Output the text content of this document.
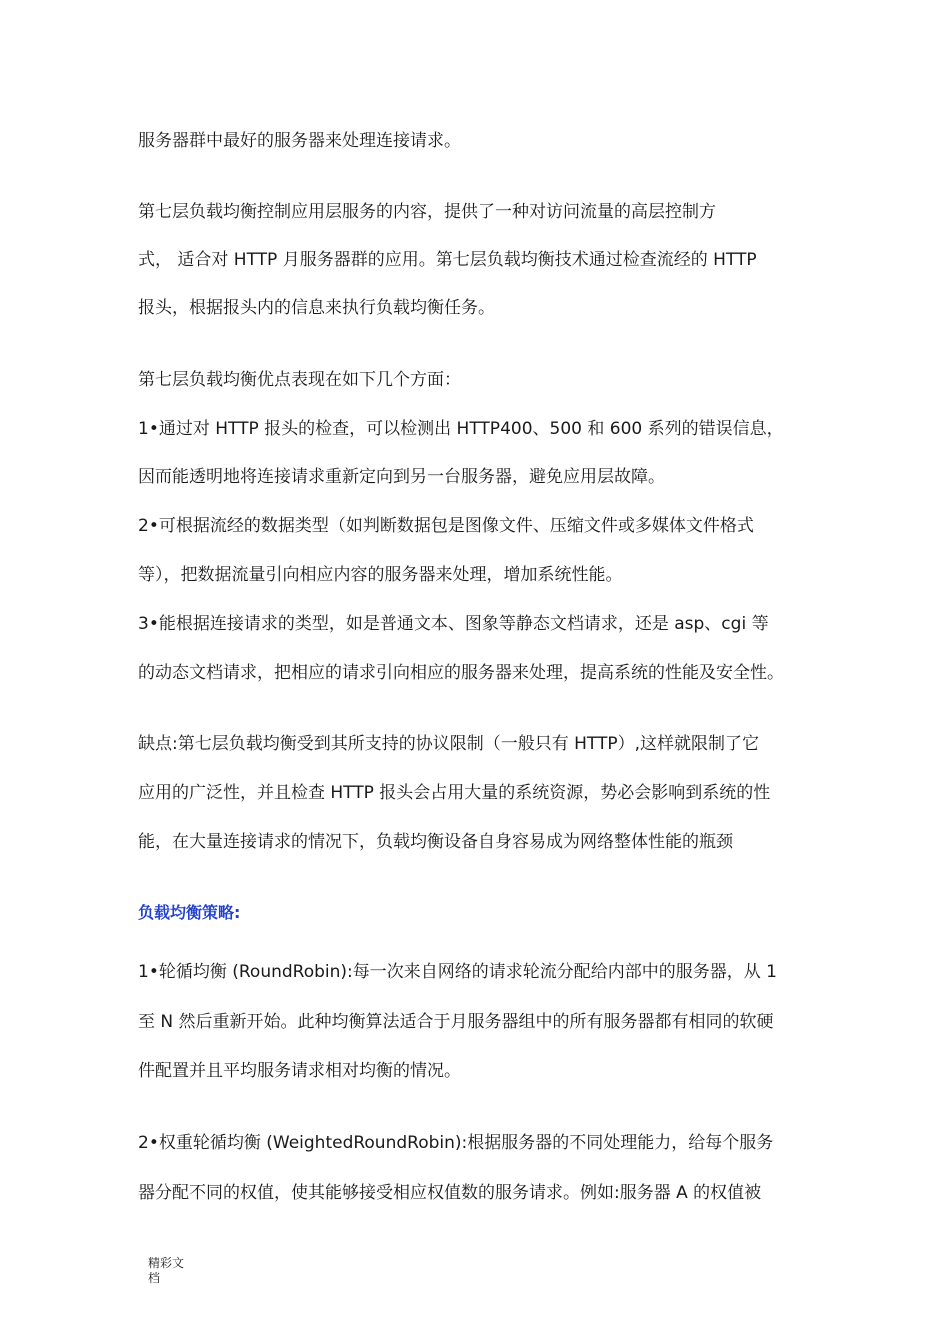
服务器群中最好的服务器来处理连接请求。
第七层负载均衡控制应用层服务的内容，提供了一种对访问流量的高层控制方
式， 适合对 HTTP 月服务器群的应用。第七层负载均衡技术通过检查流经的 HTTP
报头，根据报头内的信息来执行负载均衡任务。
第七层负载均衡优点表现在如下几个方面：
1•通过对 HTTP 报头的检查，可以检测出 HTTP400、500 和 600 系列的错误信息，
因而能透明地将连接请求重新定向到另一台服务器，避免应用层故障。
2•可根据流经的数据类型（如判断数据包是图像文件、压缩文件或多媒体文件格式
等），把数据流量引向相应内容的服务器来处理，增加系统性能。
3•能根据连接请求的类型，如是普通文本、图象等静态文档请求，还是 asp、cgi 等
的动态文档请求，把相应的请求引向相应的服务器来处理，提高系统的性能及安全性。
缺点:第七层负载均衡受到其所支持的协议限制（一般只有 HTTP）,这样就限制了它
应用的广泛性，并且检查 HTTP 报头会占用大量的系统资源，势必会影响到系统的性
能，在大量连接请求的情况下，负载均衡设备自身容易成为网络整体性能的瓶颈
负载均衡策略:
1•轮循均衡 (RoundRobin):每一次来自网络的请求轮流分配给内部中的服务器，从 1
至 N 然后重新开始。此种均衡算法适合于月服务器组中的所有服务器都有相同的软硬
件配置并且平均服务请求相对均衡的情况。
2•权重轮循均衡 (WeightedRoundRobin):根据服务器的不同处理能力，给每个服务
器分配不同的权值，使其能够接受相应权值数的服务请求。例如:服务器 A 的权值被
精彩文
档
